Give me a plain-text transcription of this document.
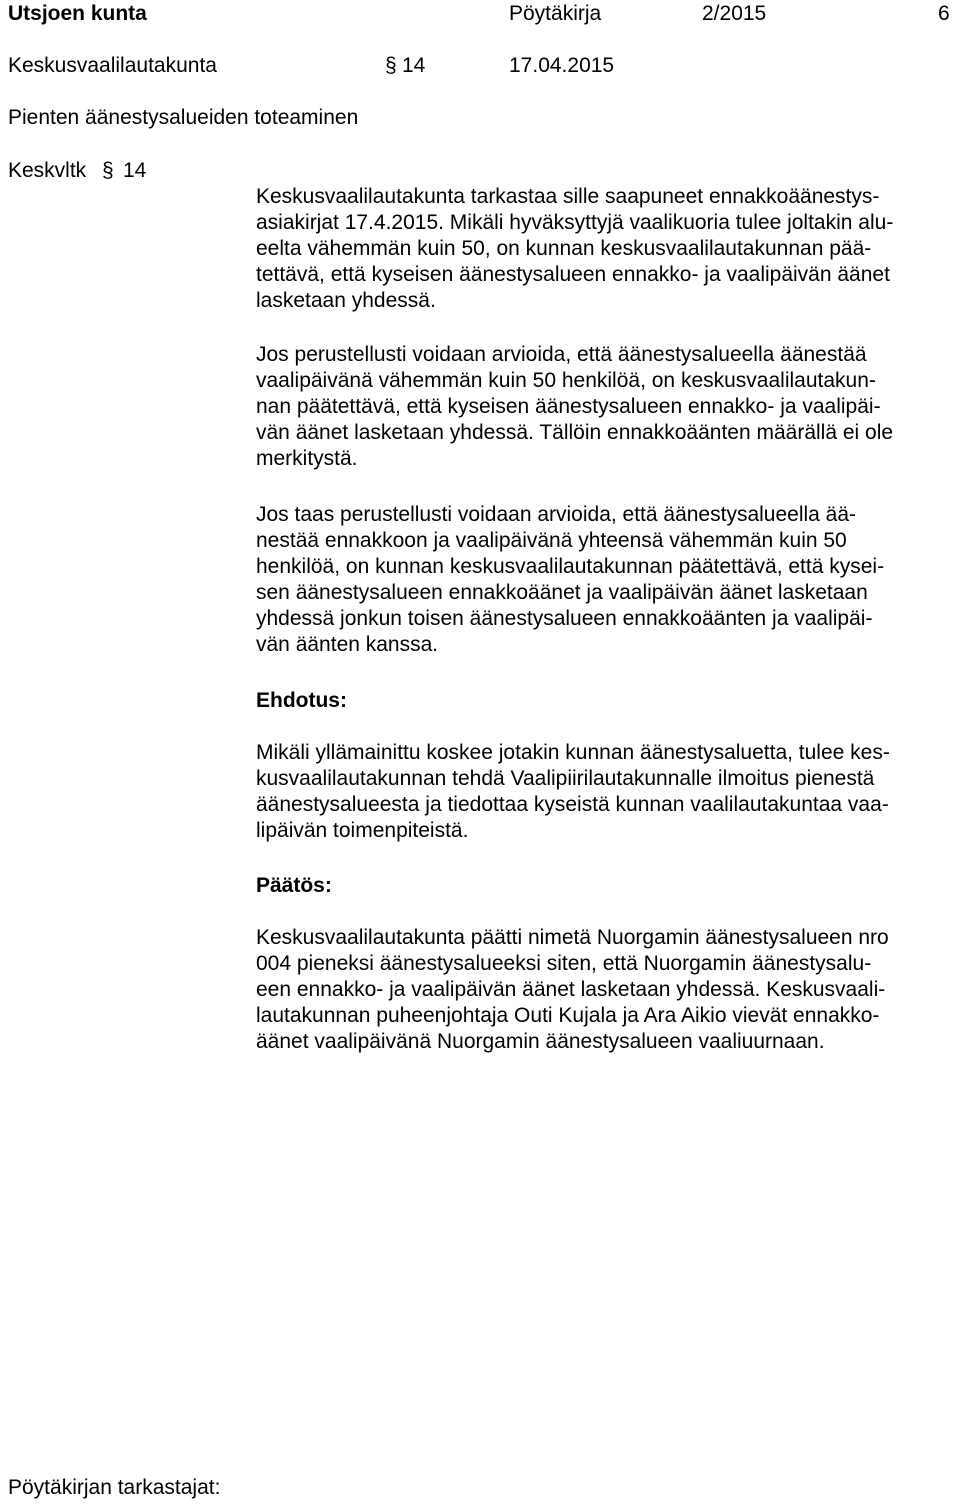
Utsjoen kunta	Pöytäkirja	2/2015	6
Keskusvaalilautakunta	§ 14	17.04.2015
Pienten äänestysalueiden toteaminen
Keskvltk § 14
Keskusvaalilautakunta tarkastaa sille saapuneet ennakkoäänestys-
asiakirjat 17.4.2015. Mikäli hyväksyttyjä vaalikuoria tulee joltakin alu-
eelta vähemmän kuin 50, on kunnan keskusvaalilautakunnan pää-
tettävä, että kyseisen äänestysalueen ennakko- ja vaalipäivän äänet
lasketaan yhdessä.
Jos perustellusti voidaan arvioida, että äänestysalueella äänestää
vaalipäivänä vähemmän kuin 50 henkilöä, on keskusvaalilautakun-
nan päätettävä, että kyseisen äänestysalueen ennakko- ja vaalipäi-
vän äänet lasketaan yhdessä. Tällöin ennakkoäänten määrällä ei ole
merkitystä.
Jos taas perustellusti voidaan arvioida, että äänestysalueella ää-
nestää ennakkoon ja vaalipäivänä yhteensä vähemmän kuin 50
henkilöä, on kunnan keskusvaalilautakunnan päätettävä, että kysei-
sen äänestysalueen ennakkoäänet ja vaalipäivän äänet lasketaan
yhdessä jonkun toisen äänestysalueen ennakkoäänten ja vaalipäi-
vän äänten kanssa.
Ehdotus:
Mikäli yllämainittu koskee jotakin kunnan äänestysaluetta, tulee kes-
kusvaalilautakunnan tehdä Vaalipiirilautakunnalle ilmoitus pienestä
äänestysalueesta ja tiedottaa kyseistä kunnan vaalilautakuntaa vaa-
lipäivän toimenpiteistä.
Päätös:
Keskusvaalilautakunta päätti nimetä Nuorgamin äänestysalueen nro
004 pieneksi äänestysalueeksi siten, että Nuorgamin äänestysalu-
een ennakko- ja vaalipäivän äänet lasketaan yhdessä. Keskusvaali-
lautakunnan puheenjohtaja Outi Kujala ja Ara Aikio vievät ennakko-
äänet vaalipäivänä Nuorgamin äänestysalueen vaaliuurnaan.
Pöytäkirjan tarkastajat:
